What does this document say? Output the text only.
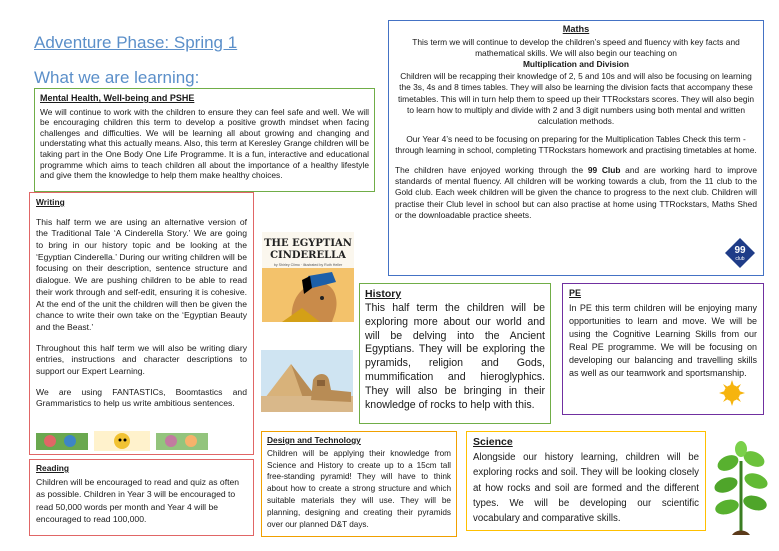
Adventure Phase: Spring 1
What we are learning:

Mental Health, Well-being and PSHE

We will continue to work with the children to ensure they can feel safe and well. We will be encouraging children this term to develop a positive growth mindset when facing challenges and difficulties. We will be learning all about growing and changing and understating what this actually means. Also, this term at Keresley Grange children will be taking part in the One Body One Life Programme. It is a fun, interactive and educational programme which aims to teach children all about the importance of a healthy lifestyle and give them the knowledge to help them make healthy choices.

Writing

This half term we are using an alternative version of the Traditional Tale ‘A Cinderella Story.’ We are going to bring in our history topic and be looking at the ‘Egyptian Cinderella.’ During our writing children will be focusing on their description, sentence structure and dialogue. We are pushing children to be able to read their work through and self-edit, ensuring it is cohesive. At the end of the unit the children will then be given the chance to write their own take on the ‘Egyptian Beauty and the Beast.’

Throughout this half term we will also be writing diary entries, instructions and character descriptions to support our Expert Learning.

We are using FANTASTICs, Boomtastics and Grammaristics to help us write ambitious sentences.

THE EGYPTIAN
CINDERELLA
by Shirley Climo · illustrated by Ruth Heller

Maths

This term we will continue to develop the children’s speed and fluency with key facts and mathematical skills. We will also begin our teaching on

Multiplication and Division

Children will be recapping their knowledge of 2, 5 and 10s and will also be focusing on learning the 3s, 4s and 8 times tables. They will also be learning the division facts that accompany these timetables. This will in turn help them to speed up their TTRockstars scores. They will also begin to learn how to multiply and divide with 2 and 3 digit numbers using both mental and written calculation methods.

Our Year 4’s need to be focusing on preparing for the Multiplication Tables Check this term - through learning in school, completing TTRockstars homework and practising timetables at home.

The children have enjoyed working through the 99 Club and are working hard to improve standards of mental fluency. All children will be working towards a club, from the 11 club to the Gold club. Each week children will be given the chance to progress to the next club. Children will practise their Club level in school but can also practise at home using TTRockstars, Maths Shed or the downloadable practice sheets.

99
club

History

This half term the children will be exploring more about our world and will be delving into the Ancient Egyptians. They will be exploring the pyramids, religion and Gods, mummification and hieroglyphics. They will also be bringing in their knowledge of rocks to help with this.

PE

In PE this term children will be enjoying many opportunities to learn and move. We will be using the Cognitive Learning Skills from our Real PE programme. We will be focusing on developing our balancing and travelling skills as well as our teamwork and sportsmanship.

Reading

Children will be encouraged to read and quiz as often as possible. Children in Year 3 will be encouraged to read 50,000 words per month and Year 4 will be encouraged to read 100,000.

Design and Technology

Children will be applying their knowledge from Science and History to create up to a 15cm tall free-standing pyramid! They will have to think about how to create a strong structure and which suitable materials they will use. They will be planning, designing and creating their pyramids over our planned D&T days.

Science

Alongside our history learning, children will be exploring rocks and soil. They will be looking closely at how rocks and soil are formed and the different types. We will be developing our scientific vocabulary and comparative skills.
